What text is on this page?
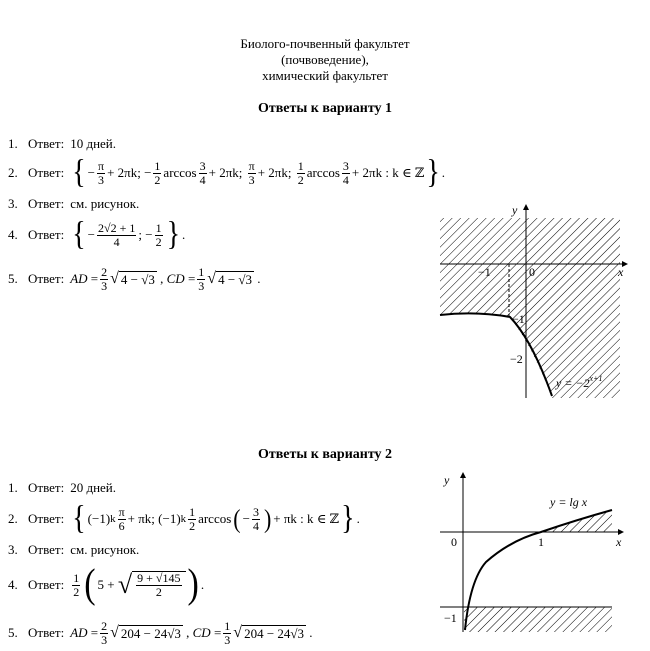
Биолого-почвенный факультет
(почвоведение),
химический факультет
Ответы к варианту 1
1. Ответ: 10 дней.
2. Ответ: { − $\frac{\pi}{3} + 2\pi k$;
− $\frac{1}{2}$ $\arccos \frac{3}{4} + 2\pi k$;
$\frac{\pi}{3} + 2\pi k$;
$\frac{1}{2}$ $\arccos \frac{3}{4} + 2\pi k$ : k ∈ ℤ } .
3. Ответ: см. рисунок.
4. Ответ: { − $\frac{2√2 + 1}{4}$ ; − $\frac{1}{2}$ } .
5. Ответ: AD = $\frac{2}{3}$ √ 4 − √3 , CD = $\frac{1}{3}$ √ 4 − √3 .
y
x
0
−1
−1
−2
$y = -2^{x+1}$
Ответы к варианту 2
1. Ответ: 20 дней.
2. Ответ: { (−1) k $\frac{\pi}{6} + \pi k$;
(−1) k $\frac{1}{2}$ arccos ( − $\frac{3}{4}$ ) + πk : k ∈ ℤ } .
3. Ответ: см. рисунок.
4. Ответ: $\frac{1}{2}$ ( 5 +
√ $\frac{9 + √145}{2}$ ) .
5. Ответ: AD = $\frac{2}{3}$ √ 204 − 24√3 , CD = $\frac{1}{3}$ √ 204 − 24√3 .
y
x
0	1
−1
y = lg x
